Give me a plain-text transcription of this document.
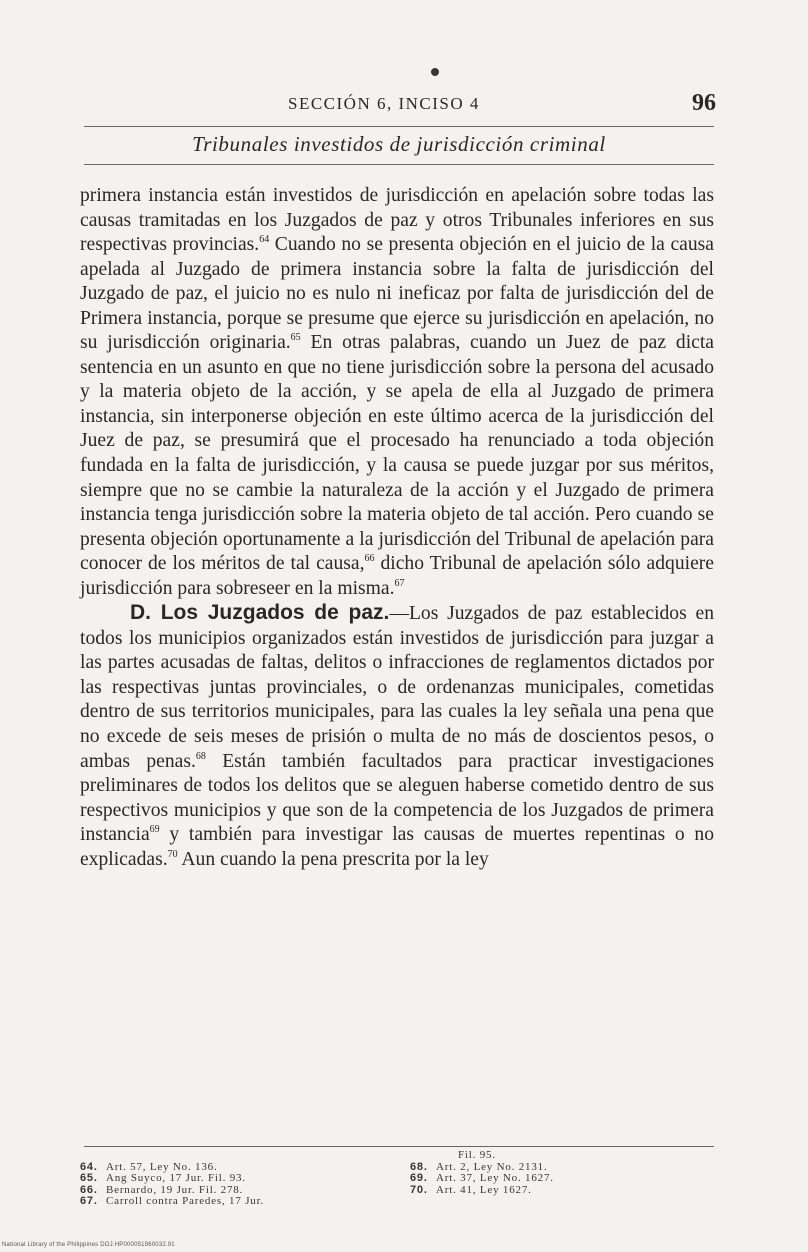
SECCIÓN 6, INCISO 4	96
Tribunales investidos de jurisdicción criminal

primera instancia están investidos de jurisdicción en apelación sobre todas las causas tramitadas en los Juzgados de paz y otros Tribunales inferiores en sus respectivas provincias.$^{64}$ Cuando no se presenta objeción en el juicio de la causa apelada al Juzgado de primera instancia sobre la falta de jurisdicción del Juzgado de paz, el juicio no es nulo ni ineficaz por falta de jurisdicción del de Primera instancia, porque se presume que ejerce su jurisdicción en apelación, no su jurisdicción originaria.$^{65}$ En otras palabras, cuando un Juez de paz dicta sentencia en un asunto en que no tiene jurisdicción sobre la persona del acusado y la materia objeto de la acción, y se apela de ella al Juzgado de primera instancia, sin interponerse objeción en este último acerca de la jurisdicción del Juez de paz, se presumirá que el procesado ha renunciado a toda objeción fundada en la falta de jurisdicción, y la causa se puede juzgar por sus méritos, siempre que no se cambie la naturaleza de la acción y el Juzgado de primera instancia tenga jurisdicción sobre la materia objeto de tal acción. Pero cuando se presenta objeción oportunamente a la jurisdicción del Tribunal de apelación para conocer de los méritos de tal causa,$^{66}$ dicho Tribunal de apelación sólo adquiere jurisdicción para sobreseer en la misma.$^{67}$

D. Los Juzgados de paz.—Los Juzgados de paz establecidos en todos los municipios organizados están investidos de jurisdicción para juzgar a las partes acusadas de faltas, delitos o infracciones de reglamentos dictados por las respectivas juntas provinciales, o de ordenanzas municipales, cometidas dentro de sus territorios municipales, para las cuales la ley señala una pena que no excede de seis meses de prisión o multa de no más de doscientos pesos, o ambas penas.$^{68}$ Están también facultados para practicar investigaciones preliminares de todos los delitos que se aleguen haberse cometido dentro de sus respectivos municipios y que son de la competencia de los Juzgados de primera instancia$^{69}$ y también para investigar las causas de muertes repentinas o no explicadas.$^{70}$ Aun cuando la pena prescrita por la ley

64. Art. 57, Ley No. 136.
65. Ang Suyco, 17 Jur. Fil. 93.
66. Bernardo, 19 Jur. Fil. 278.
67. Carroll contra Paredes, 17 Jur.
Fil. 95.
68. Art. 2, Ley No. 2131.
69. Art. 37, Ley No. 1627.
70. Art. 41, Ley 1627.
National Library of the Philippines DOJ.HP000051960032.91
